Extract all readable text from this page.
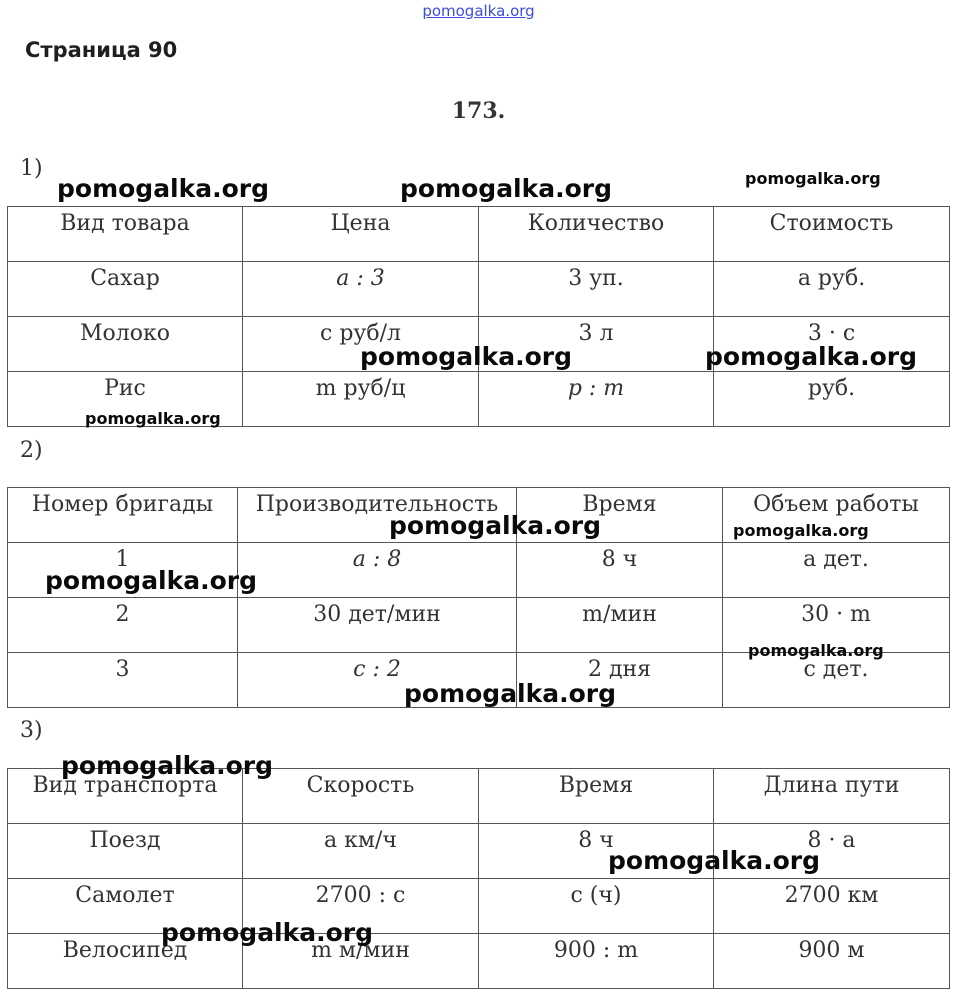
pomogalka.org
Страница 90
173.
1)
Вид товара	Цена	Количество	Стоимость
Сахар	a : 3	3 уп.	a руб.
Молоко	c руб/л	3 л	3 · c
Рис	m руб/ц	p : m	руб.
2)
Номер бригады	Производительность	Время	Объем работы
1	a : 8	8 ч	a дет.
2	30 дет/мин	m/мин	30 · m
3	c : 2	2 дня	c дет.
3)
Вид транспорта	Скорость	Время	Длина пути
Поезд	a км/ч	8 ч	8 · a
Самолет	2700 : c	c (ч)	2700 км
Велосипед	m м/мин	900 : m	900 м
pomogalka.org	pomogalka.org	pomogalka.org
pomogalka.org	pomogalka.org
pomogalka.org
pomogalka.org	pomogalka.org
pomogalka.org
pomogalka.org
pomogalka.org
pomogalka.org
pomogalka.org
pomogalka.org
